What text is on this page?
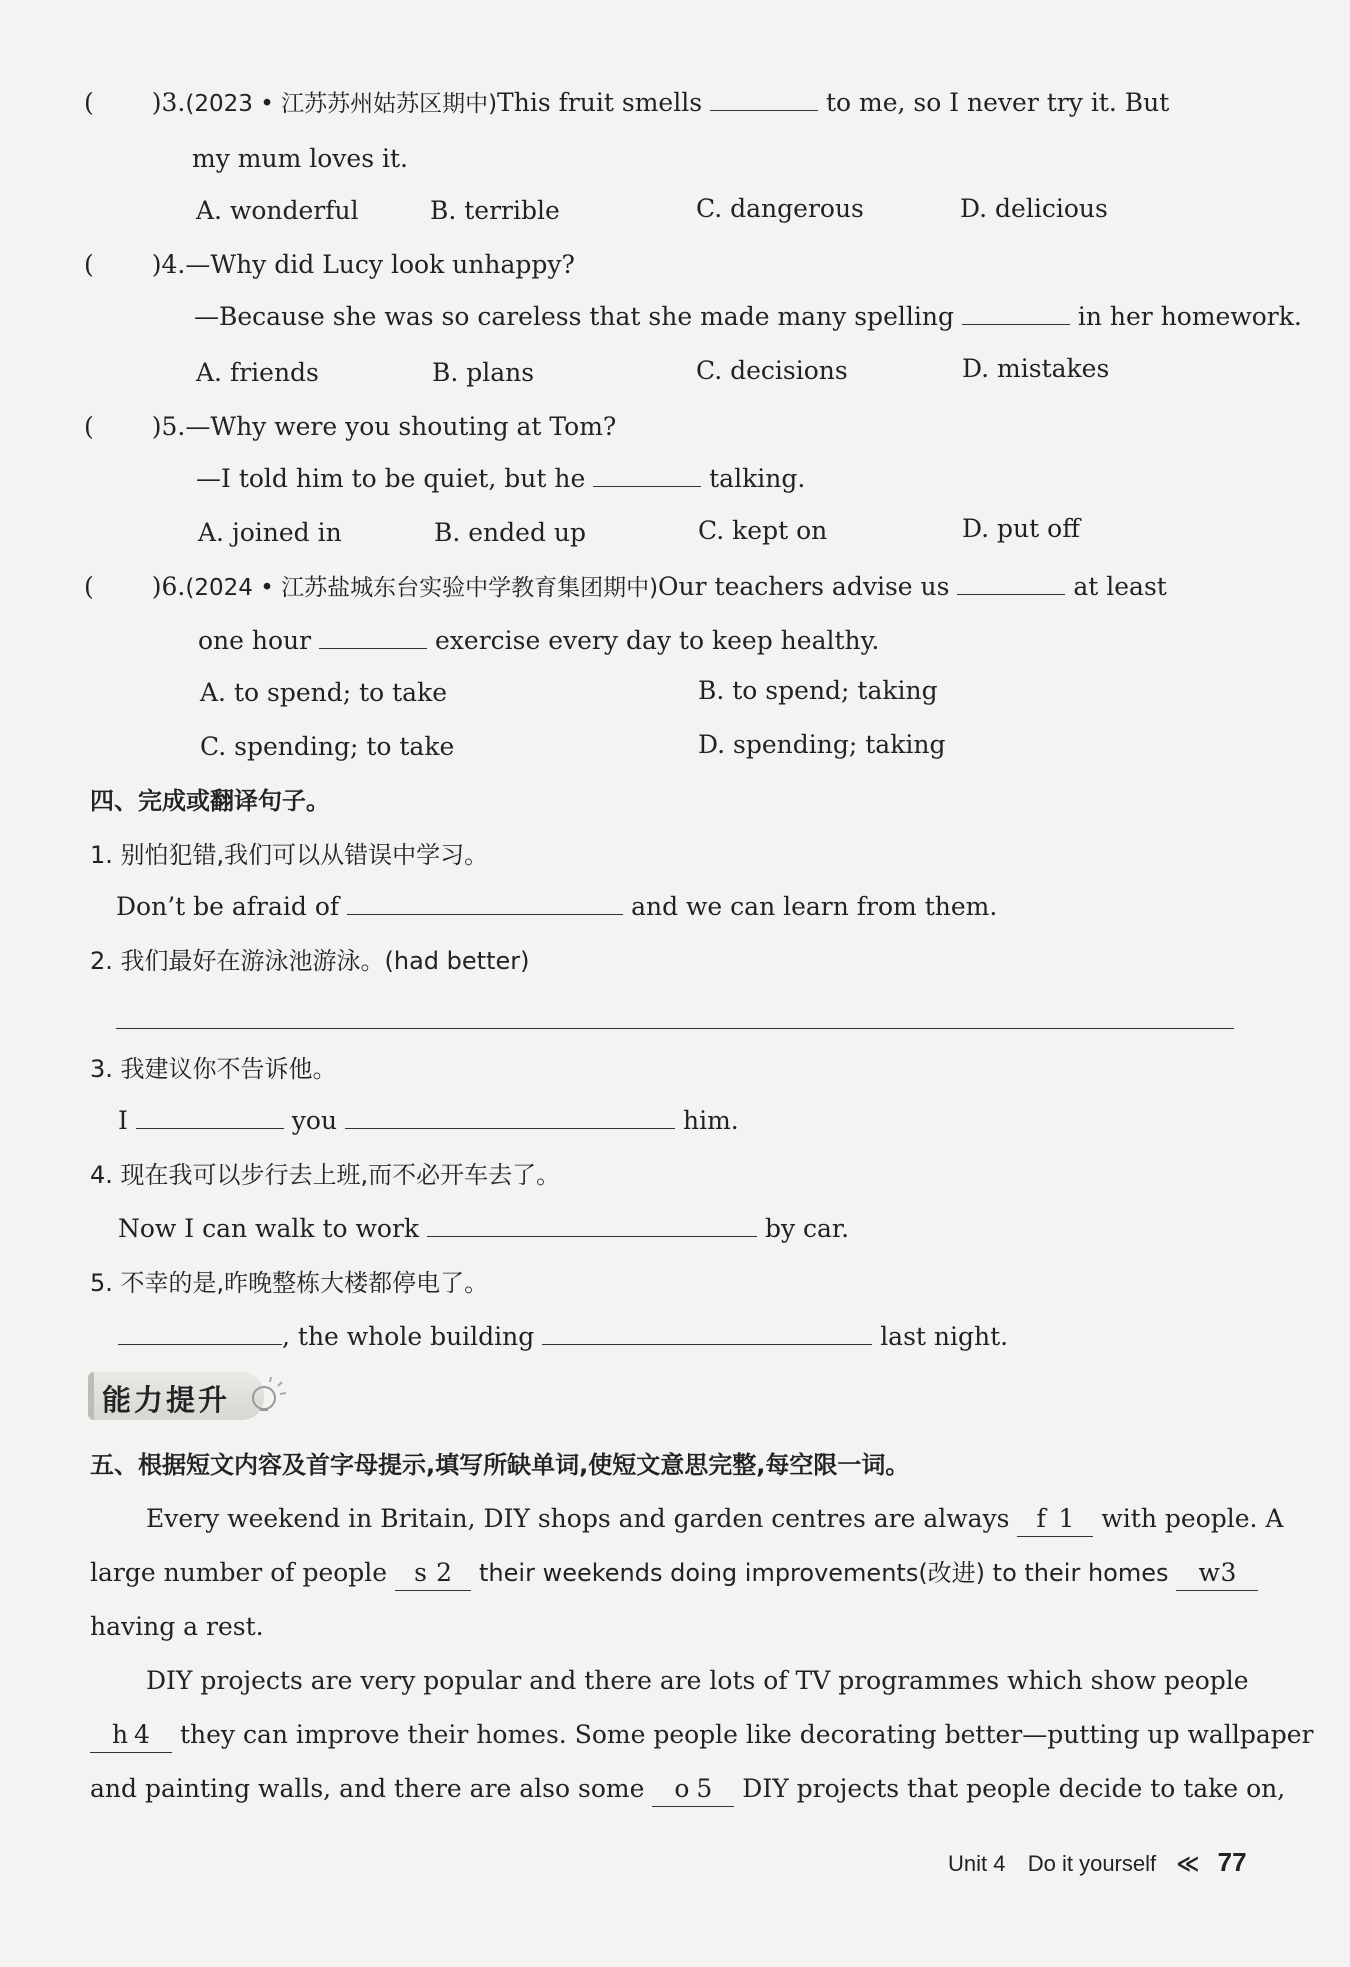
( )3.(2023 • 江苏苏州姑苏区期中)This fruit smells	to me, so I never try it. But
my mum loves it.
A. wonderful	B. terrible	C. dangerous	D. delicious
( )4.—Why did Lucy look unhappy?
—Because she was so careless that she made many spelling	in her homework.
A. friends	B. plans	C. decisions	D. mistakes
( )5.—Why were you shouting at Tom?
—I told him to be quiet, but he	talking.
A. joined in	B. ended up	C. kept on	D. put off
( )6.(2024 • 江苏盐城东台实验中学教育集团期中)Our teachers advise us	at least
one hour	exercise every day to keep healthy.
A. to spend; to take	B. to spend; taking
C. spending; to take	D. spending; taking
四、完成或翻译句子。
1. 别怕犯错,我们可以从错误中学习。
Don’t be afraid of	and we can learn from them.
2. 我们最好在游泳池游泳。(had better)
3. 我建议你不告诉他。
I	you	him.
4. 现在我可以步行去上班,而不必开车去了。
Now I can walk to work	by car.
5. 不幸的是,昨晚整栋大楼都停电了。
, the whole building	last night.
能力提升
五、根据短文内容及首字母提示,填写所缺单词,使短文意思完整,每空限一词。
Every weekend in Britain, DIY shops and garden centres are always f 1 with people. A
large number of people s 2 their weekends doing improvements(改进) to their homes w3
having a rest.
DIY projects are very popular and there are lots of TV programmes which show people
h 4 they can improve their homes. Some people like decorating better—putting up wallpaper
and painting walls, and there are also some o 5 DIY projects that people decide to take on,
Unit 4 Do it yourself ≪ 77
